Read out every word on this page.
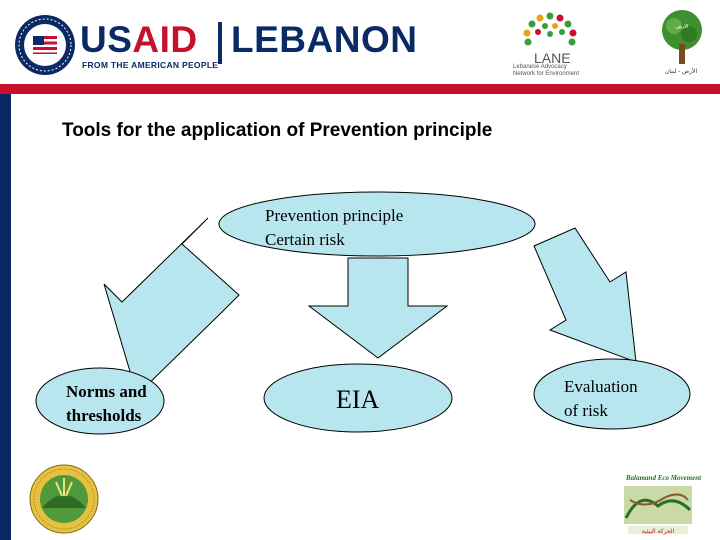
USAID LEBANON
FROM THE AMERICAN PEOPLE	LANE
Lebanese Advocacy
Network for Environment
ﺍﻻﺭﺽ
الأرض - لبنان
Tools for the application of Prevention principle
Prevention principle
Certain risk
Norms and
thresholds
EIA	Evaluation
of risk
ﺍﻟﺤﺮﻛﺔ ﺍﻟﺒﻴﺌﻴﺔ
Balamand Eco Movement
